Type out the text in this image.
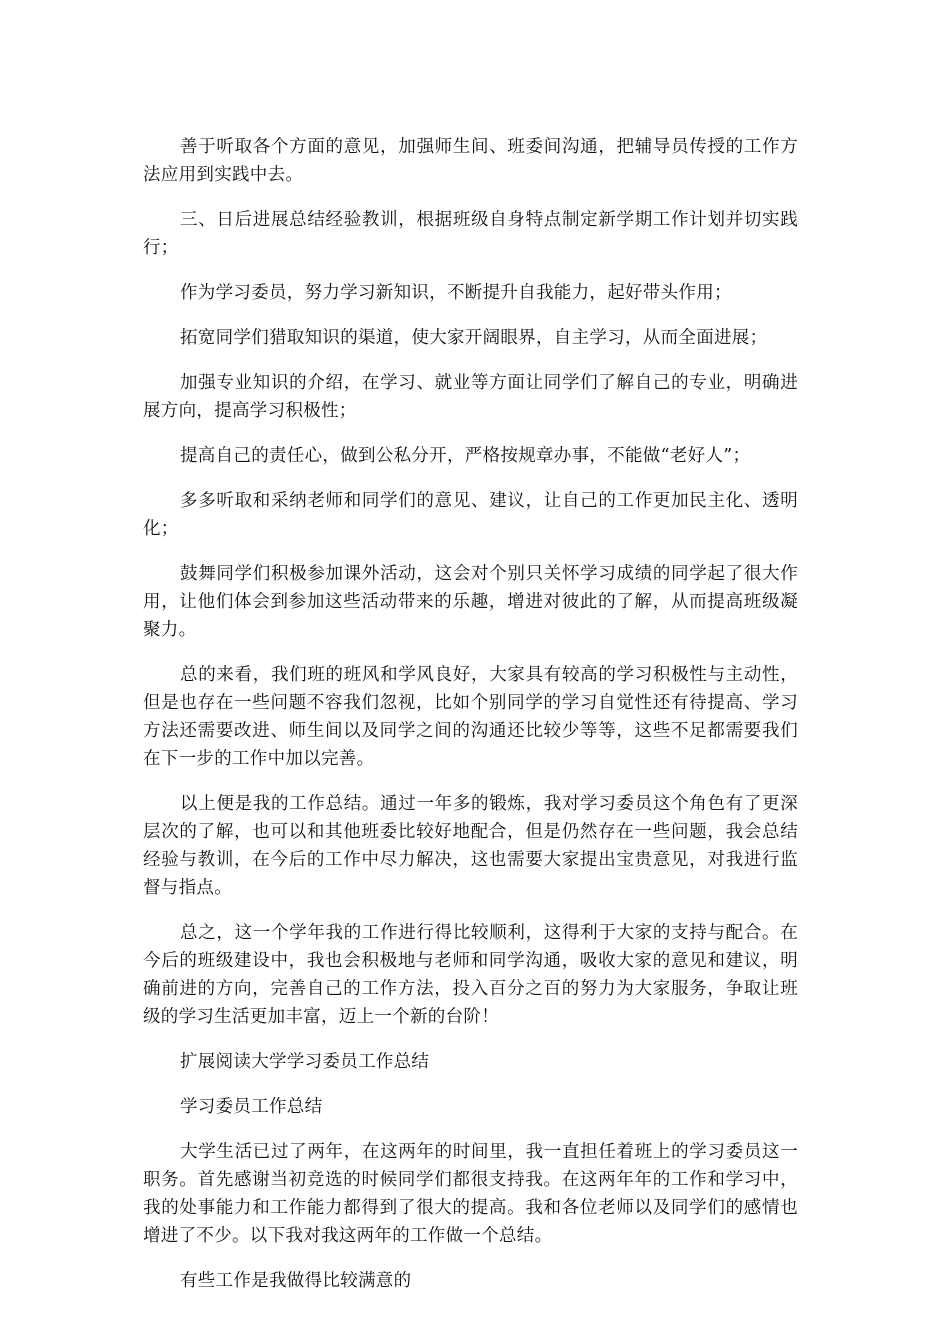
善于听取各个方面的意见，加强师生间、班委间沟通，把辅导员传授的工作方法应用到实践中去。

三、日后进展总结经验教训，根据班级自身特点制定新学期工作计划并切实践行；

作为学习委员，努力学习新知识，不断提升自我能力，起好带头作用；

拓宽同学们猎取知识的渠道，使大家开阔眼界，自主学习，从而全面进展；

加强专业知识的介绍，在学习、就业等方面让同学们了解自己的专业，明确进展方向，提高学习积极性；

提高自己的责任心，做到公私分开，严格按规章办事，不能做“老好人”；

多多听取和采纳老师和同学们的意见、建议，让自己的工作更加民主化、透明化；

鼓舞同学们积极参加课外活动，这会对个别只关怀学习成绩的同学起了很大作用，让他们体会到参加这些活动带来的乐趣，增进对彼此的了解，从而提高班级凝聚力。

总的来看，我们班的班风和学风良好，大家具有较高的学习积极性与主动性，但是也存在一些问题不容我们忽视，比如个别同学的学习自觉性还有待提高、学习方法还需要改进、师生间以及同学之间的沟通还比较少等等，这些不足都需要我们在下一步的工作中加以完善。

以上便是我的工作总结。通过一年多的锻炼，我对学习委员这个角色有了更深层次的了解，也可以和其他班委比较好地配合，但是仍然存在一些问题，我会总结经验与教训，在今后的工作中尽力解决，这也需要大家提出宝贵意见，对我进行监督与指点。

总之，这一个学年我的工作进行得比较顺利，这得利于大家的支持与配合。在今后的班级建设中，我也会积极地与老师和同学沟通，吸收大家的意见和建议，明确前进的方向，完善自己的工作方法，投入百分之百的努力为大家服务，争取让班级的学习生活更加丰富，迈上一个新的台阶！

扩展阅读大学学习委员工作总结

学习委员工作总结

大学生活已过了两年，在这两年的时间里，我一直担任着班上的学习委员这一职务。首先感谢当初竞选的时候同学们都很支持我。在这两年年的工作和学习中，我的处事能力和工作能力都得到了很大的提高。我和各位老师以及同学们的感情也增进了不少。以下我对我这两年的工作做一个总结。

有些工作是我做得比较满意的
